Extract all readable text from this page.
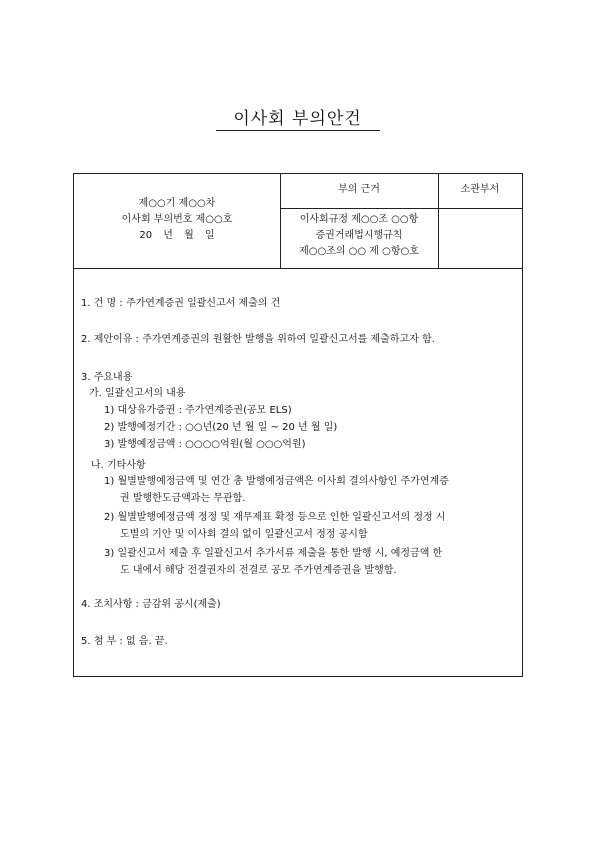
이사회 부의안건
제○○기 제○○차
이사회 부의번호 제○○호
20 년 월 일
부의 근거	소관부서
이사회규정 제○○조 ○○항
증권거래법시행규칙
제○○조의 ○○ 제 ○항○호
1. 건 명 : 주가연계증권 일괄신고서 제출의 건
2. 제안이유 : 주가연계증권의 원활한 발행을 위하여 일괄신고서를 제출하고자 함.
3. 주요내용
가. 일괄신고서의 내용
1) 대상유가증권 : 주가연계증권(공모 ELS)
2) 발행예정기간 : ○○년(20 년 월 일 ~ 20 년 월 일)
3) 발행예정금액 : ○○○○억원(월 ○○○억원)
나. 기타사항
1) 월별발행예정금액 및 연간 총 발행예정금액은 이사회 결의사항인 주가연계증
권 발행한도금액과는 무관함.
2) 월별발행예정금액 정정 및 재무제표 확정 등으로 인한 일괄신고서의 정정 시
도별의 기안 및 이사회 결의 없이 일괄신고서 정정 공시함
3) 일괄신고서 제출 후 일괄신고서 추가서류 제출을 통한 발행 시, 예정금액 한
도 내에서 해당 전결권자의 전결로 공모 주가연계증권을 발행함.
4. 조치사항 : 금감위 공시(제출)
5. 첨 부 : 없 음. 끝.
